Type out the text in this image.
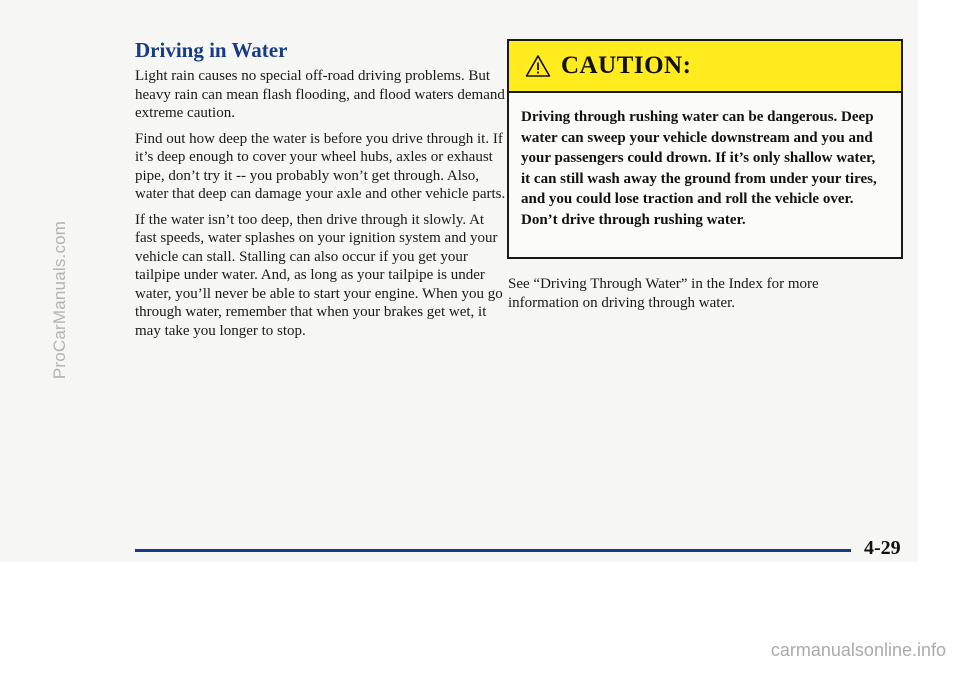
ProCarManuals.com
Driving in Water

Light rain causes no special off-road driving problems. But heavy rain can mean flash flooding, and flood waters demand extreme caution.

Find out how deep the water is before you drive through it. If it’s deep enough to cover your wheel hubs, axles or exhaust pipe, don’t try it -- you probably won’t get through. Also, water that deep can damage your axle and other vehicle parts.

If the water isn’t too deep, then drive through it slowly. At fast speeds, water splashes on your ignition system and your vehicle can stall. Stalling can also occur if you get your tailpipe under water. And, as long as your tailpipe is under water, you’ll never be able to start your engine. When you go through water, remember that when your brakes get wet, it may take you longer to stop.

CAUTION:
Driving through rushing water can be dangerous. Deep water can sweep your vehicle downstream and you and your passengers could drown. If it’s only shallow water, it can still wash away the ground from under your tires, and you could lose traction and roll the vehicle over. Don’t drive through rushing water.
See “Driving Through Water” in the Index for more information on driving through water.
4-29
carmanualsonline.info
